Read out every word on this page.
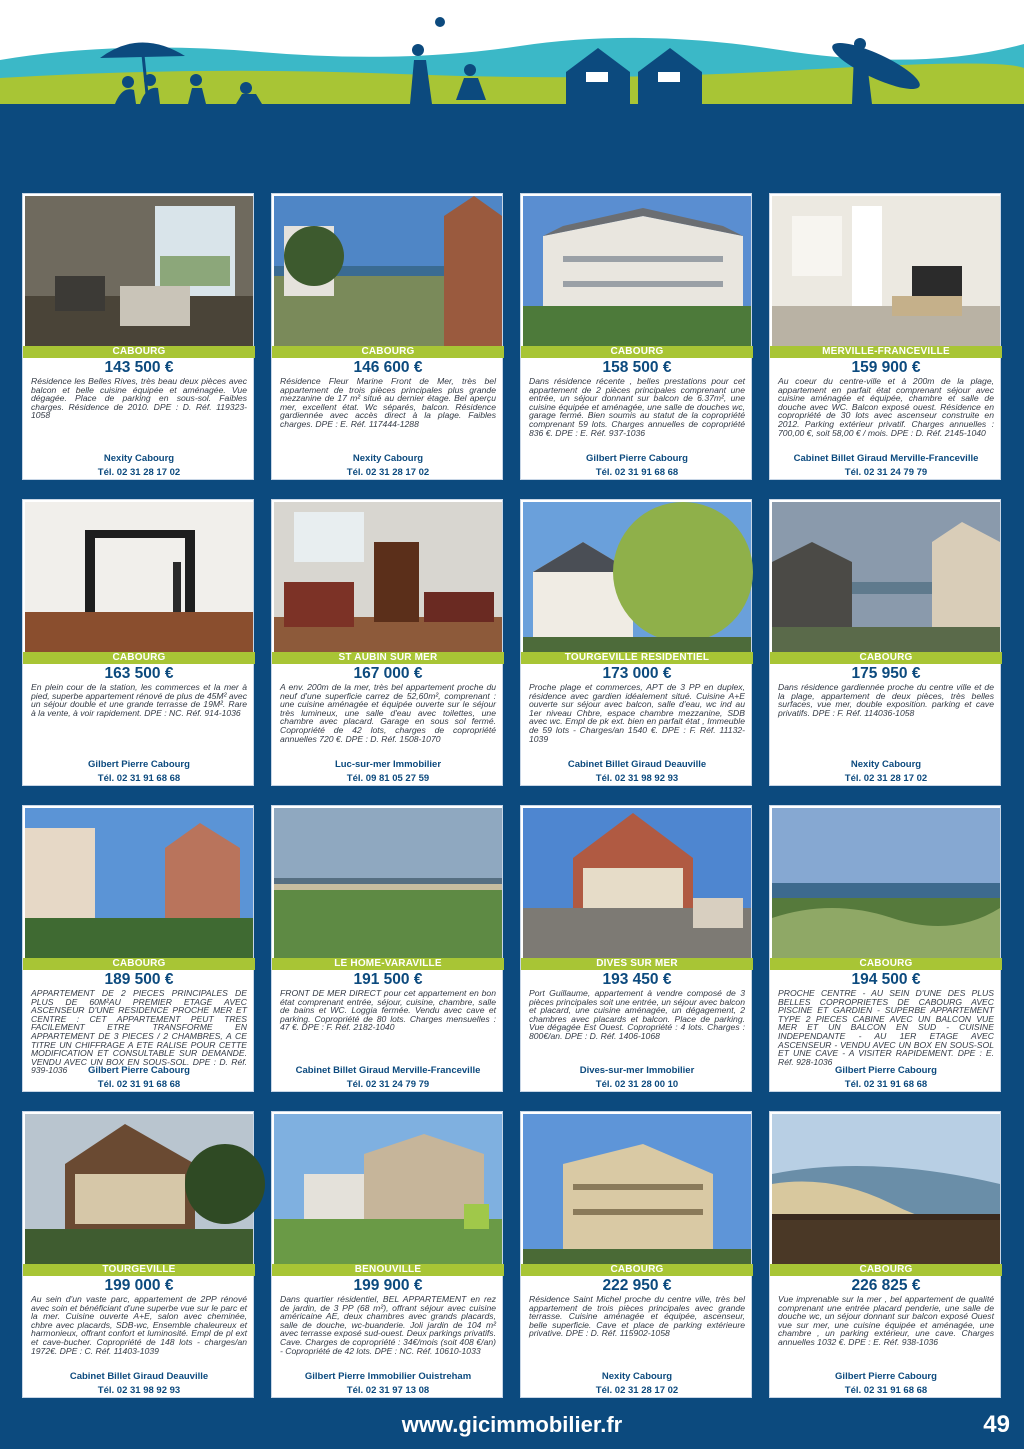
CABOURG
143 500 €
Résidence les Belles Rives, très beau deux pièces avec balcon et belle cuisine équipée et aménagée. Vue dégagée. Place de parking en sous-sol. Faibles charges. Résidence de 2010. DPE : D. Réf. 119323-1058
Nexity Cabourg
Tél. 02 31 28 17 02
CABOURG
146 600 €
Résidence Fleur Marine Front de Mer, très bel appartement de trois pièces principales plus grande mezzanine de 17 m² situé au dernier étage. Bel aperçu mer, excellent état. Wc séparés, balcon. Résidence gardiennée avec accès direct à la plage. Faibles charges. DPE : E. Réf. 117444-1288
Nexity Cabourg
Tél. 02 31 28 17 02
CABOURG
158 500 €
Dans résidence récente , belles prestations pour cet appartement de 2 pièces principales comprenant une entrée, un séjour donnant sur balcon de 6.37m², une cuisine équipée et aménagée, une salle de douches wc, garage fermé. Bien soumis au statut de la copropriété comprenant 59 lots. Charges annuelles de copropriété 836 €. DPE : E. Réf. 937-1036
Gilbert Pierre Cabourg
Tél. 02 31 91 68 68
MERVILLE-FRANCEVILLE
159 900 €
Au coeur du centre-ville et à 200m de la plage, appartement en parfait état comprenant séjour avec cuisine aménagée et équipée, chambre et salle de douche avec WC. Balcon exposé ouest. Résidence en copropriété de 30 lots avec ascenseur construite en 2012. Parking extérieur privatif. Charges annuelles : 700,00 €, soit 58,00 € / mois. DPE : D. Réf. 2145-1040
Cabinet Billet Giraud Merville-Franceville
Tél. 02 31 24 79 79
CABOURG
163 500 €
En plein cour de la station, les commerces et la mer à pied, superbe appartement rénové de plus de 45M² avec un séjour double et une grande terrasse de 19M². Rare à la vente, à voir rapidement. DPE : NC. Réf. 914-1036
Gilbert Pierre Cabourg
Tél. 02 31 91 68 68
ST AUBIN SUR MER
167 000 €
A env. 200m de la mer, très bel appartement proche du neuf d'une superficie carrez de 52,60m², comprenant : une cuisine aménagée et équipée ouverte sur le séjour très lumineux, une salle d'eau avec toilettes, une chambre avec placard. Garage en sous sol fermé. Copropriété de 42 lots, charges de copropriété annuelles 720 €. DPE : D. Réf. 1508-1070
Luc-sur-mer Immobilier
Tél. 09 81 05 27 59
TOURGEVILLE RESIDENTIEL
173 000 €
Proche plage et commerces, APT de 3 PP en duplex, résidence avec gardien idéalement situé. Cuisine A+E ouverte sur séjour avec balcon, salle d'eau, wc ind au 1er niveau Chbre, espace chambre mezzanine, SDB avec wc. Empl de pk ext. bien en parfait état , Immeuble de 59 lots - Charges/an 1540 €. DPE : F. Réf. 11132-1039
Cabinet Billet Giraud Deauville
Tél. 02 31 98 92 93
CABOURG
175 950 €
Dans résidence gardiennée proche du centre ville et de la plage, appartement de deux pièces, très belles surfaces, vue mer, double exposition. parking et cave privatifs. DPE : F. Réf. 114036-1058
Nexity Cabourg
Tél. 02 31 28 17 02
CABOURG
189 500 €
APPARTEMENT DE 2 PIECES PRINCIPALES DE PLUS DE 60M²AU PREMIER ETAGE AVEC ASCENSEUR D'UNE RESIDENCE PROCHE MER ET CENTRE : CET APPARTEMENT PEUT TRES FACILEMENT ETRE TRANSFORME EN APPARTEMENT DE 3 PIECES / 2 CHAMBRES, A CE TITRE UN CHIFFRAGE A ETE RALISE POUR CETTE MODIFICATION ET CONSULTABLE SUR DEMANDE. VENDU AVEC UN BOX EN SOUS-SOL. DPE : D. Réf. 939-1036	Gilbert Pierre Cabourg
Tél. 02 31 91 68 68
LE HOME-VARAVILLE
191 500 €
FRONT DE MER DIRECT pour cet appartement en bon état comprenant entrée, séjour, cuisine, chambre, salle de bains et WC. Loggia fermée. Vendu avec cave et parking. Copropriété de 80 lots. Charges mensuelles : 47 €. DPE : F. Réf. 2182-1040
Cabinet Billet Giraud Merville-Franceville
Tél. 02 31 24 79 79
DIVES SUR MER
193 450 €
Port Guillaume, appartement à vendre composé de 3 pièces principales soit une entrée, un séjour avec balcon et placard, une cuisine aménagée, un dégagement, 2 chambres avec placards et balcon. Place de parking. Vue dégagée Est Ouest. Copropriété : 4 lots. Charges : 800€/an. DPE : D. Réf. 1406-1068
Dives-sur-mer Immobilier
Tél. 02 31 28 00 10
CABOURG
194 500 €
PROCHE CENTRE - AU SEIN D'UNE DES PLUS BELLES COPROPRIETES DE CABOURG AVEC PISCINE ET GARDIEN - SUPERBE APPARTEMENT TYPE 2 PIECES CABINE AVEC UN BALCON VUE MER ET UN BALCON EN SUD - CUISINE INDEPENDANTE - AU 1ER ETAGE AVEC ASCENSEUR - VENDU AVEC UN BOX EN SOUS-SOL ET UNE CAVE - A VISITER RAPIDEMENT. DPE : E. Réf. 928-1036
Gilbert Pierre Cabourg
Tél. 02 31 91 68 68
TOURGEVILLE
199 000 €
Au sein d'un vaste parc, appartement de 2PP rénové avec soin et bénéficiant d'une superbe vue sur le parc et la mer. Cuisine ouverte A+E, salon avec cheminée, chbre avec placards, SDB-wc, Ensemble chaleureux et harmonieux, offrant confort et luminosité. Empl de pl ext et cave-bucher. Copropriété de 148 lots - charges/an 1972€. DPE : C. Réf. 11403-1039
Cabinet Billet Giraud Deauville
Tél. 02 31 98 92 93
BENOUVILLE
199 900 €
Dans quartier résidentiel, BEL APPARTEMENT en rez de jardin, de 3 PP (68 m²), offrant séjour avec cuisine américaine AE, deux chambres avec grands placards, salle de douche, wc-buanderie. Joli jardin de 104 m² avec terrasse exposé sud-ouest. Deux parkings privatifs. Cave. Charges de copropriété : 34€/mois (soit 408 €/an) - Copropriété de 42 lots. DPE : NC. Réf. 10610-1033
Gilbert Pierre Immobilier Ouistreham
Tél. 02 31 97 13 08
CABOURG
222 950 €
Résidence Saint Michel proche du centre ville, très bel appartement de trois pièces principales avec grande terrasse. Cuisine aménagée et équipée, ascenseur, belle superficie. Cave et place de parking extérieure privative. DPE : D. Réf. 115902-1058
Nexity Cabourg
Tél. 02 31 28 17 02
CABOURG
226 825 €
Vue imprenable sur la mer , bel appartement de qualité comprenant une entrée placard penderie, une salle de douche wc, un séjour donnant sur balcon exposé Ouest vue sur mer, une cuisine équipée et aménagée, une chambre , un parking extérieur, une cave. Charges annuelles 1032 €. DPE : E. Réf. 938-1036
Gilbert Pierre Cabourg
Tél. 02 31 91 68 68
www.gicimmobilier.fr	49
